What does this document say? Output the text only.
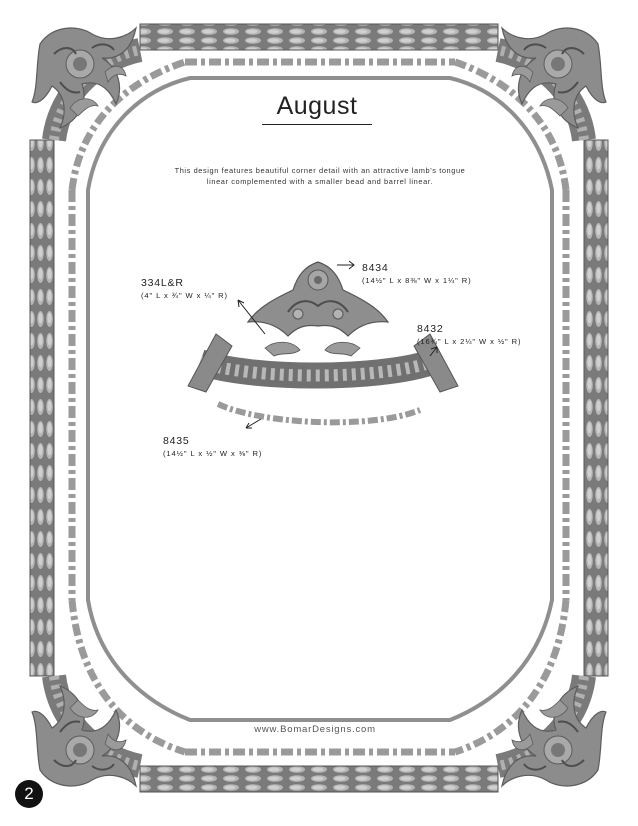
August
This design features beautiful corner detail with an attractive lamb's tongue linear complemented with a smaller bead and barrel linear.
8434
(14½" L x 8⅜" W x 1¼" R)
334L&R
(4" L x ¾" W x ¼" R)
8432
(16¾" L x 2¼" W x ½" R)
8435
(14½" L x ½" W x ⅜" R)
www.BomarDesigns.com
2
